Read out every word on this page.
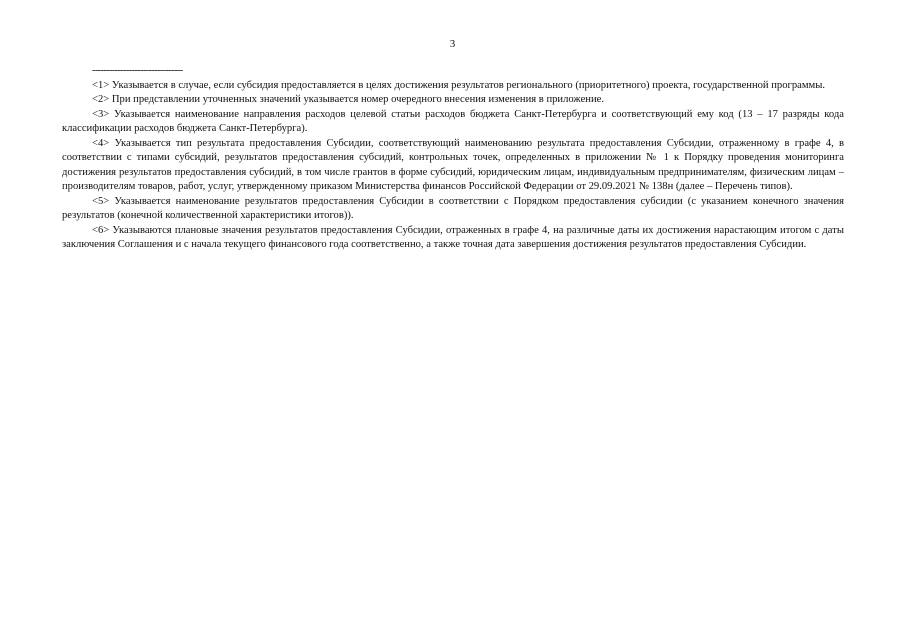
3
--------------------------------

<1> Указывается в случае, если субсидия предоставляется в целях достижения результатов регионального (приоритетного) проекта, государственной программы.

<2> При представлении уточненных значений указывается номер очередного внесения изменения в приложение.

<3> Указывается наименование направления расходов целевой статьи расходов бюджета Санкт-Петербурга и соответствующий ему код (13 – 17 разряды кода классификации расходов бюджета Санкт-Петербурга).

<4> Указывается тип результата предоставления Субсидии, соответствующий наименованию результата предоставления Субсидии, отраженному в графе 4, в соответствии с типами субсидий, результатов предоставления субсидий, контрольных точек, определенных в приложении № 1 к Порядку проведения мониторинга достижения результатов предоставления субсидий, в том числе грантов в форме субсидий, юридическим лицам, индивидуальным предпринимателям, физическим лицам – производителям товаров, работ, услуг, утвержденному приказом Министерства финансов Российской Федерации от 29.09.2021 № 138н (далее – Перечень типов).

<5> Указывается наименование результатов предоставления Субсидии в соответствии с Порядком предоставления субсидии (с указанием конечного значения результатов (конечной количественной характеристики итогов)).

<6> Указываются плановые значения результатов предоставления Субсидии, отраженных в графе 4, на различные даты их достижения нарастающим итогом с даты заключения Соглашения и с начала текущего финансового года соответственно, а также точная дата завершения достижения результатов предоставления Субсидии.
